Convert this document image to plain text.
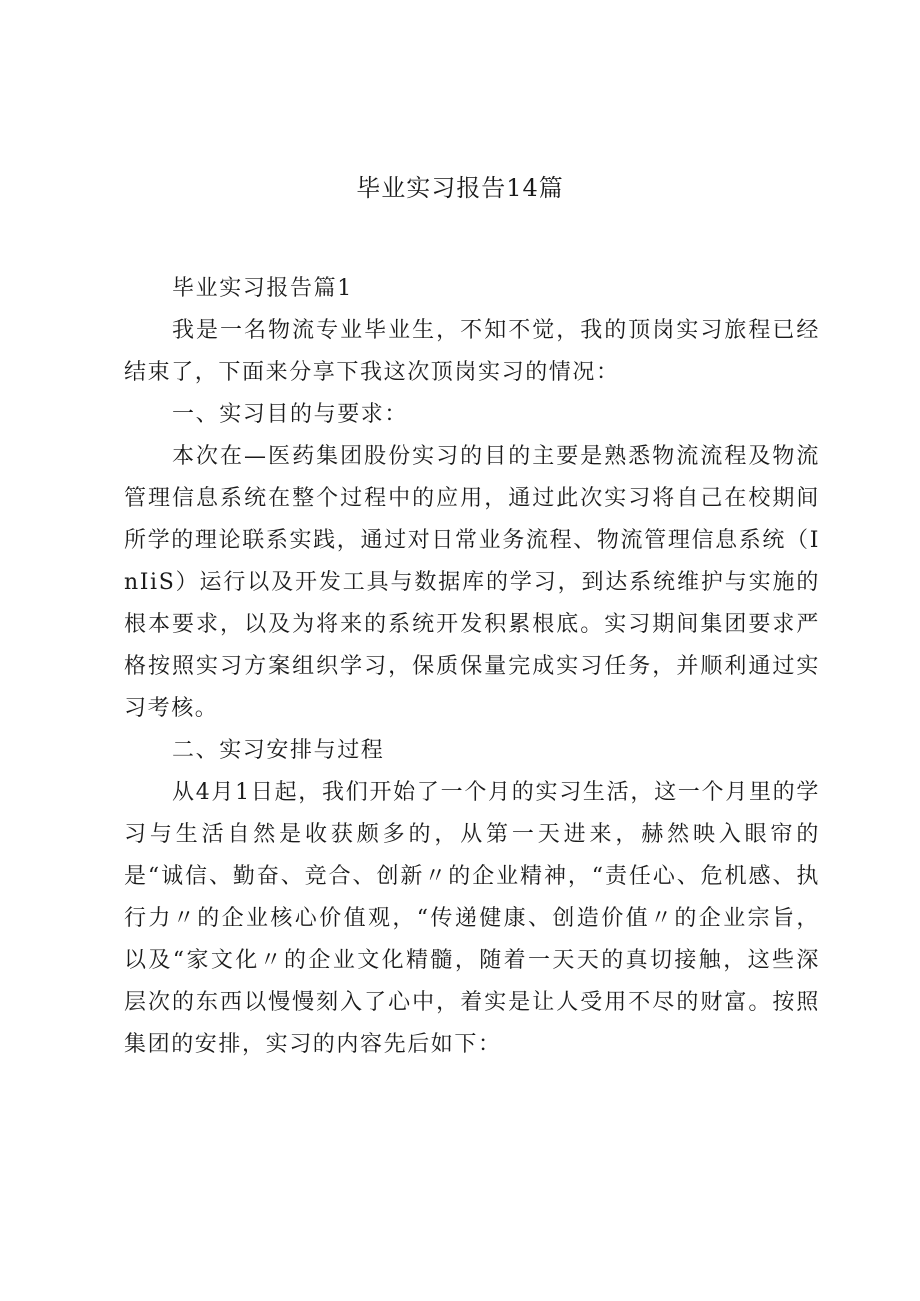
毕业实习报告14篇

毕业实习报告篇1

我是一名物流专业毕业生，不知不觉，我的顶岗实习旅程已经结束了，下面来分享下我这次顶岗实习的情况：

一、实习目的与要求：

本次在—医药集团股份实习的目的主要是熟悉物流流程及物流管理信息系统在整个过程中的应用，通过此次实习将自己在校期间所学的理论联系实践，通过对日常业务流程、物流管理信息系统（InIiS）运行以及开发工具与数据库的学习，到达系统维护与实施的根本要求，以及为将来的系统开发积累根底。实习期间集团要求严格按照实习方案组织学习，保质保量完成实习任务，并顺利通过实习考核。

二、实习安排与过程

从4月1日起，我们开始了一个月的实习生活，这一个月里的学习与生活自然是收获颇多的，从第一天进来，赫然映入眼帘的是“诚信、勤奋、竞合、创新〃的企业精神，“责任心、危机感、执行力〃的企业核心价值观，“传递健康、创造价值〃的企业宗旨，以及“家文化〃的企业文化精髓，随着一天天的真切接触，这些深层次的东西以慢慢刻入了心中，着实是让人受用不尽的财富。按照集团的安排，实习的内容先后如下：
